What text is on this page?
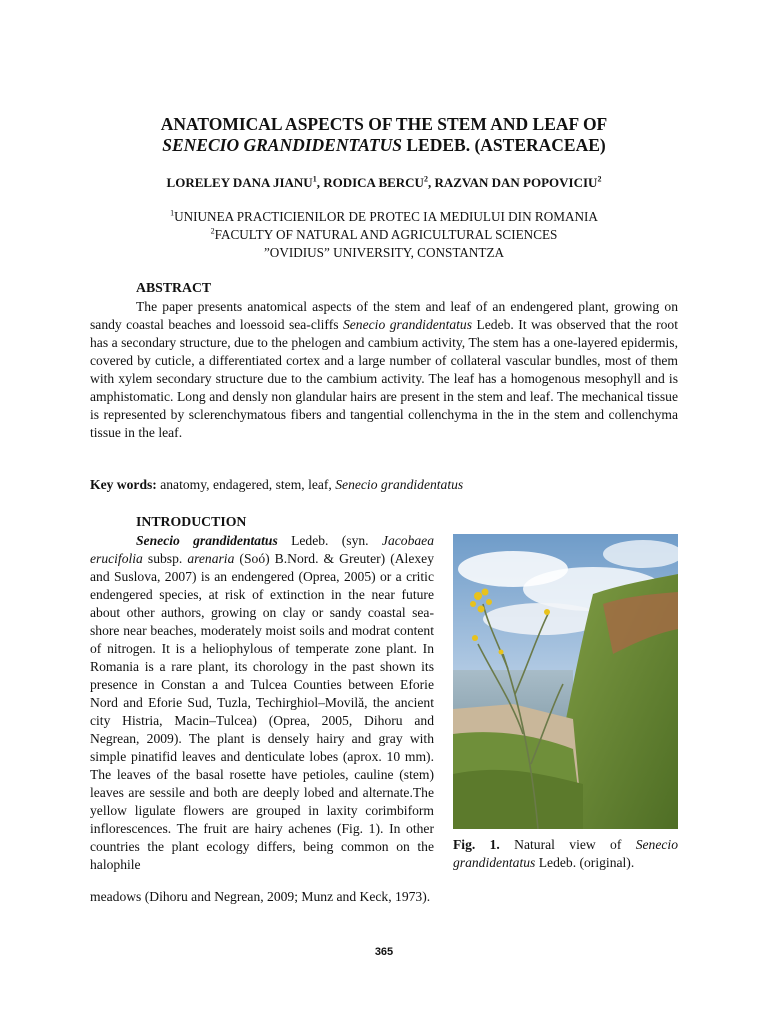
ANATOMICAL ASPECTS OF THE STEM AND LEAF OF
SENECIO GRANDIDENTATUS LEDEB. (ASTERACEAE)
LORELEY DANA JIANU$^1$, RODICA BERCU$^2$, RAZVAN DAN POPOVICIU$^2$
$^1$UNIUNEA PRACTICIENILOR DE PROTEC IA MEDIULUI DIN ROMANIA
$^2$FACULTY OF NATURAL AND AGRICULTURAL SCIENCES
”OVIDIUS” UNIVERSITY, CONSTANTZA
ABSTRACT
The paper presents anatomical aspects of the stem and leaf of an endengered plant, growing on sandy coastal beaches and loessoid sea-cliffs Senecio grandidentatus Ledeb. It was observed that the root has a secondary structure, due to the phelogen and cambium activity, The stem has a one-layered epidermis, covered by cuticle, a differentiated cortex and a large number of collateral vascular bundles, most of them with xylem secondary structure due to the cambium activity. The leaf has a homogenous mesophyll and is amphistomatic. Long and densly non glandular hairs are present in the stem and leaf. The mechanical tissue is represented by sclerenchymatous fibers and tangential collenchyma in the in the stem and collenchyma tissue in the leaf.
Key words: anatomy, endagered, stem, leaf, Senecio grandidentatus
INTRODUCTION
Senecio grandidentatus Ledeb. (syn. Jacobaea erucifolia subsp. arenaria (Soó) B.Nord. & Greuter) (Alexey and Suslova, 2007) is an endengered (Oprea, 2005) or a critic endengered species, at risk of extinction in the near future about other authors, growing on clay or sandy coastal sea-shore near beaches, moderately moist soils and modrat content of nitrogen. It is a heliophylous of temperate zone plant. In Romania is a rare plant, its chorology in the past shown its presence in Constan a and Tulcea Counties between Eforie Nord and Eforie Sud, Tuzla, Techirghiol–Movilă, the ancient city Histria, Macin–Tulcea) (Oprea, 2005, Dihoru and Negrean, 2009). The plant is densely hairy and gray with simple pinatifid leaves and denticulate lobes (aprox. 10 mm). The leaves of the basal rosette have petioles, cauline (stem) leaves are sessile and both are deeply lobed and alternate.The yellow ligulate flowers are grouped in laxity corimbiform inflorescences. The fruit are hairy achenes (Fig. 1). In other countries the plant ecology differs, being common on the halophile
meadows (Dihoru and Negrean, 2009; Munz and Keck, 1973).
Fig. 1. Natural view of Senecio grandidentatus Ledeb. (original).
365
